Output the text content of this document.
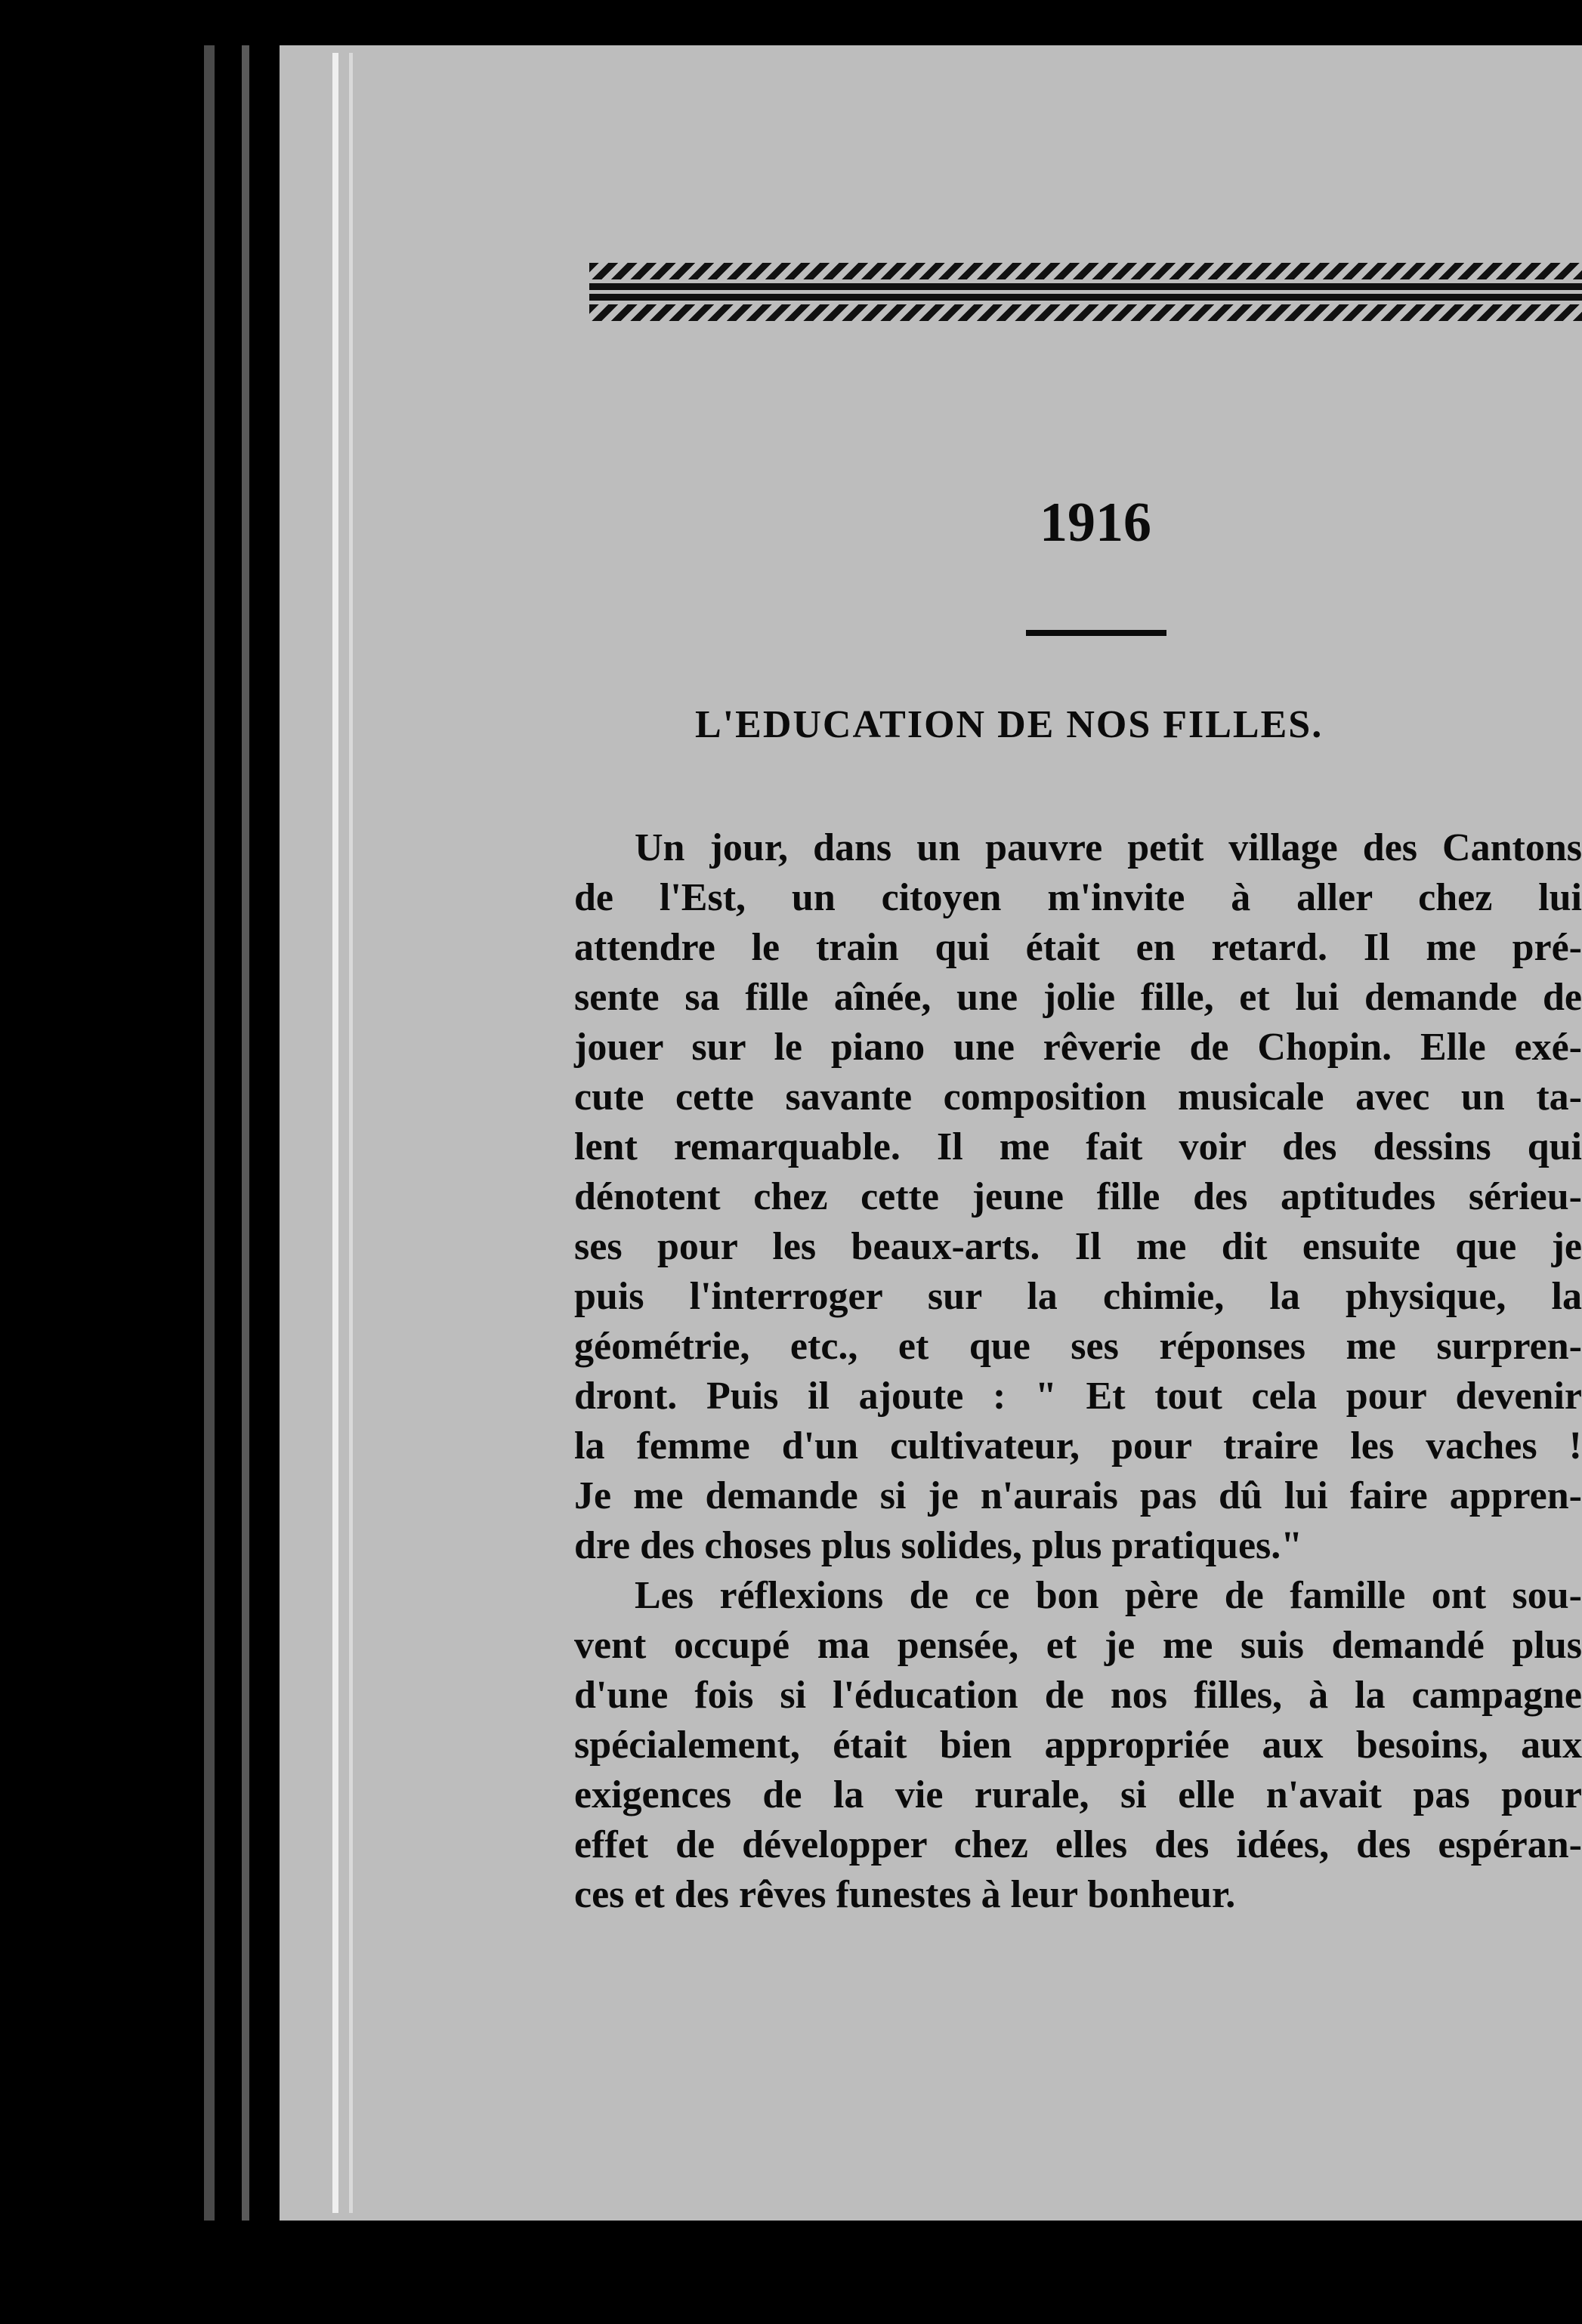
1916
L'EDUCATION DE NOS FILLES.
Un jour, dans un pauvre petit village des Cantons
de l'Est, un citoyen m'invite à aller chez lui
attendre le train qui était en retard. Il me pré-
sente sa fille aînée, une jolie fille, et lui demande de
jouer sur le piano une rêverie de Chopin. Elle exé-
cute cette savante composition musicale avec un ta-
lent remarquable. Il me fait voir des dessins qui
dénotent chez cette jeune fille des aptitudes sérieu-
ses pour les beaux-arts. Il me dit ensuite que je
puis l'interroger sur la chimie, la physique, la
géométrie, etc., et que ses réponses me surpren-
dront. Puis il ajoute : " Et tout cela pour devenir
la femme d'un cultivateur, pour traire les vaches !
Je me demande si je n'aurais pas dû lui faire appren-
dre des choses plus solides, plus pratiques."
Les réflexions de ce bon père de famille ont sou-
vent occupé ma pensée, et je me suis demandé plus
d'une fois si l'éducation de nos filles, à la campagne
spécialement, était bien appropriée aux besoins, aux
exigences de la vie rurale, si elle n'avait pas pour
effet de développer chez elles des idées, des espéran-
ces et des rêves funestes à leur bonheur.
